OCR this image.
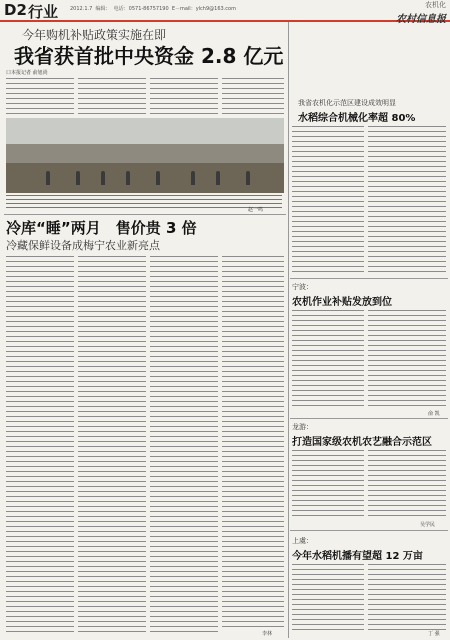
D2 行业 2012.1.7 编辑： 电话：0571-86757190 E－mail：ylch9@163.com	农机化
农村信息报
今年购机补贴政策实施在即
我省获首批中央资金 2.8 亿元
口本报记者 俞旭尚
赵一鸣
冷库“睡”两月　售价贵 3 倍
冷藏保鲜设备成梅宁农业新亮点
李林
我省农机化示范区建设成效明显
水稻综合机械化率超 80%
宁波：
农机作业补贴发放到位
俞 凯
龙游：
打造国家级农机农艺融合示范区
吴学民
上虞：
今年水稻机播有望超 12 万亩
丁 强
